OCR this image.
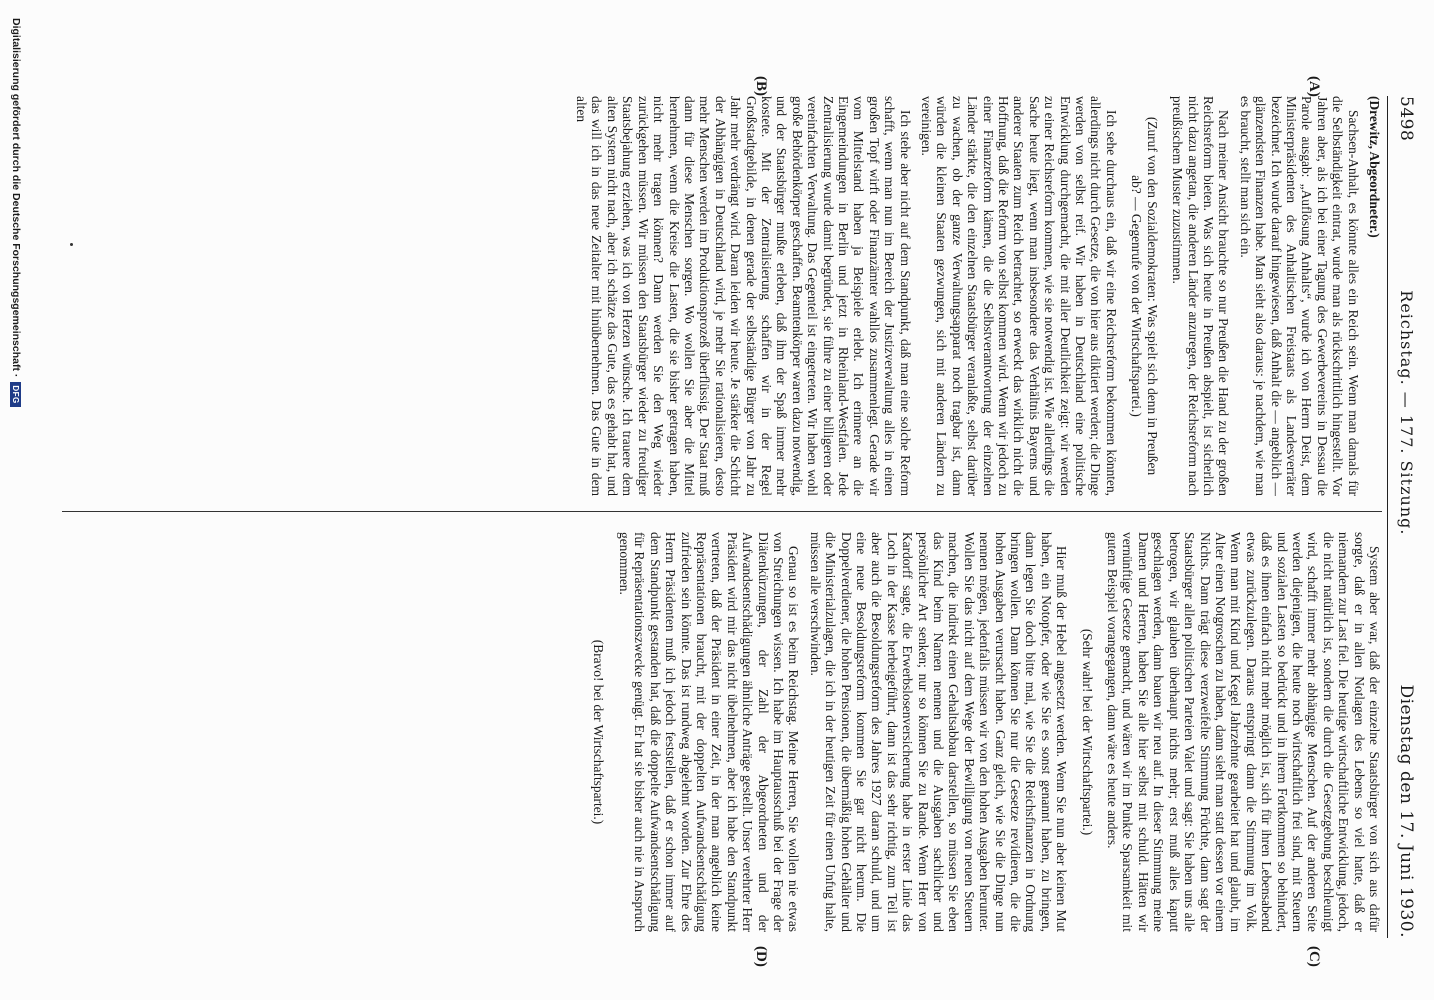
5498
Reichstag. — 177. Sitzung.
Dienstag den 17. Juni 1930.
(A)
(B)
(C)
(D)

(Drewitz, Abgeordneter.)

Sachsen-Anhalt, es könnte alles ein Reich sein. Wenn man damals für die Selbständigkeit eintrat, wurde man als rückschrittlich hingestellt. Vor Jahren aber, als ich bei einer Tagung des Gewerbevereins in Dessau die Parole ausgab: „Auflösung Anhalts“, wurde ich von Herrn Deist, dem Ministerpräsidenten des Anhaltischen Freistaats als Landesverräter bezeichnet. Ich wurde darauf hingewiesen, daß Anhalt die — angeblich — glänzendsten Finanzen habe. Man sieht also daraus: je nachdem, wie man es braucht, stellt man sich ein.

Nach meiner Ansicht brauchte so nur Preußen die Hand zu der großen Reichsreform bieten. Was sich heute in Preußen abspielt, ist sicherlich nicht dazu angetan, die anderen Länder anzuregen, der Reichsreform nach preußischem Muster zuzustimmen.

(Zuruf von den Sozialdemokraten: Was spielt sich denn in Preußen ab? — Gegenrufe von der Wirtschaftspartei.)

Ich sehe durchaus ein, daß wir eine Reichsreform bekommen könnten, allerdings nicht durch Gesetze, die von hier aus diktiert werden; die Dinge werden von selbst reif. Wir haben in Deutschland eine politische Entwicklung durchgemacht, die mit aller Deutlichkeit zeigt: wir werden zu einer Reichsreform kommen, wie sie notwendig ist. Wie allerdings die Sache heute liegt, wenn man insbesondere das Verhältnis Bayerns und anderer Staaten zum Reich betrachtet, so erweckt das wirklich nicht die Hoffnung, daß die Reform von selbst kommen wird. Wenn wir jedoch zu einer Finanzreform kämen, die die Selbstverantwortung der einzelnen Länder stärkte, die den einzelnen Staatsbürger veranlaßte, selbst darüber zu wachen, ob der ganze Verwaltungsapparat noch tragbar ist, dann würden die kleinen Staaten gezwungen, sich mit anderen Ländern zu vereinigen.

Ich stehe aber nicht auf dem Standpunkt, daß man eine solche Reform schafft, wenn man nun im Bereich der Justizverwaltung alles in einen großen Topf wirft oder Finanzämter wahllos zusammenlegt. Gerade wir vom Mittelstand haben ja Beispiele erlebt. Ich erinnere an die Eingemeindungen in Berlin und jetzt in Rheinland-Westfalen. Jede Zentralisierung wurde damit begründet, sie führe zu einer billigeren oder vereinfachten Verwaltung. Das Gegenteil ist eingetreten. Wir haben wohl große Behördenkörper geschaffen. Beamtenkörper waren dazu notwendig, und der Staatsbürger mußte erleben, daß ihm der Spaß immer mehr kostete. Mit der Zentralisierung schaffen wir in der Regel Großstadtgebilde, in denen gerade der selbständige Bürger von Jahr zu Jahr mehr verdrängt wird. Daran leiden wir heute. Je stärker die Schicht der Abhängigen in Deutschland wird, je mehr Sie rationalisieren, desto mehr Menschen werden im Produktionsprozeß überflüssig. Der Staat muß dann für diese Menschen sorgen. Wo wollen Sie aber die Mittel hernehmen, wenn die Kreise die Lasten, die sie bisher getragen haben, nicht mehr tragen können? Dann werden Sie den Weg wieder zurückgehen müssen. Wir müssen den Staatsbürger wieder zu freudiger Staatsbejahung erziehen, was ich von Herzen wünsche. Ich trauere dem alten System nicht nach, aber ich schätze das Gute, das es gehabt hat, und das will ich in das neue Zeitalter mit hinübernehmen. Das Gute in dem alten

System aber war, daß der einzelne Staatsbürger von sich aus dafür sorgte, daß er in allen Notlagen des Lebens so viel hatte, daß er niemandem zur Last fiel. Die heutige wirtschaftliche Entwicklung, jedoch, die nicht natürlich ist, sondern die durch die Gesetzgebung beschleunigt wird, schafft immer mehr abhängige Menschen. Auf der anderen Seite werden diejenigen, die heute noch wirtschaftlich frei sind, mit Steuern und sozialen Lasten so bedrückt und in ihrem Fortkommen so behindert, daß es ihnen einfach nicht mehr möglich ist, sich für ihren Lebensabend etwas zurückzulegen. Daraus entspringt dann die Stimmung im Volk. Wenn man mit Kind und Kegel Jahrzehnte gearbeitet hat und glaubt, im Alter einen Notgroschen zu haben, dann sieht man statt dessen vor einem Nichts. Dann trägt diese verzweifelte Stimmung Früchte, dann sagt der Staatsbürger allen politischen Parteien Valet und sagt: Sie haben uns alle betrogen, wir glauben überhaupt nichts mehr; erst muß alles kaputt geschlagen werden, dann bauen wir neu auf. In dieser Stimmung meine Damen und Herren, haben Sie alle hier selbst mit schuld. Hätten wir vernünftige Gesetze gemacht, und wären wir im Punkte Sparsamkeit mit gutem Beispiel vorangegangen, dann wäre es heute anders.

(Sehr wahr! bei der Wirtschaftspartei.)

Hier muß der Hebel angesetzt werden. Wenn Sie nun aber keinen Mut haben, ein Notopfer, oder wie Sie es sonst genannt haben, zu bringen, dann legen Sie doch bitte mal, wie Sie die Reichsfinanzen in Ordnung bringen wollen. Dann können Sie nur die Gesetze revidieren, die die hohen Ausgaben verursacht haben. Ganz gleich, wie Sie die Dinge nun nennen mögen, jedenfalls müssen wir von den hohen Ausgaben herunter. Wollen Sie das nicht auf dem Wege der Bewilligung von neuen Steuern machen, die indirekt einen Gehaltsabbau darstellen, so müssen Sie eben das Kind beim Namen nennen und die Ausgaben sachlicher und persönlicher Art senken; nur so können Sie zu Rande. Wenn Herr von Kardorff sagte, die Erwerbslosenversicherung habe in erster Linie das Loch in der Kasse herbeigeführt, dann ist das sehr richtig, zum Teil ist aber auch die Besoldungsreform des Jahres 1927 daran schuld, und um eine neue Besoldungsreform kommen Sie gar nicht herum. Die Doppelverdiener, die hohen Pensionen, die übermäßig hohen Gehälter und die Ministerialzulagen, die ich in der heutigen Zeit für einen Unfug halte, müssen alle verschwinden.

Genau so ist es beim Reichstag. Meine Herren, Sie wollen nie etwas von Streichungen wissen. Ich habe im Hauptausschuß bei der Frage der Diätenkürzungen, der Zahl der Abgeordneten und der Aufwandsentschädigungen ähnliche Anträge gestellt. Unser verehrter Herr Präsident wird mir das nicht übelnehmen, aber ich habe den Standpunkt vertreten, daß der Präsident in einer Zeit, in der man angeblich keine Repräsentationen braucht, mit der doppelten Aufwandsentschädigung zufrieden sein könnte. Das ist rundweg abgelehnt worden. Zur Ehre des Herrn Präsidenten muß ich jedoch feststellen, daß er schon immer auf dem Standpunkt gestanden hat, daß die doppelte Aufwandsentschädigung für Repräsentationszwecke genügt. Er hat sie bisher auch nie in Anspruch genommen.

(Bravo! bei der Wirtschaftspartei.)

Digitalisierung gefördert durch die Deutsche Forschungsgemeinschaft ·
DFG
